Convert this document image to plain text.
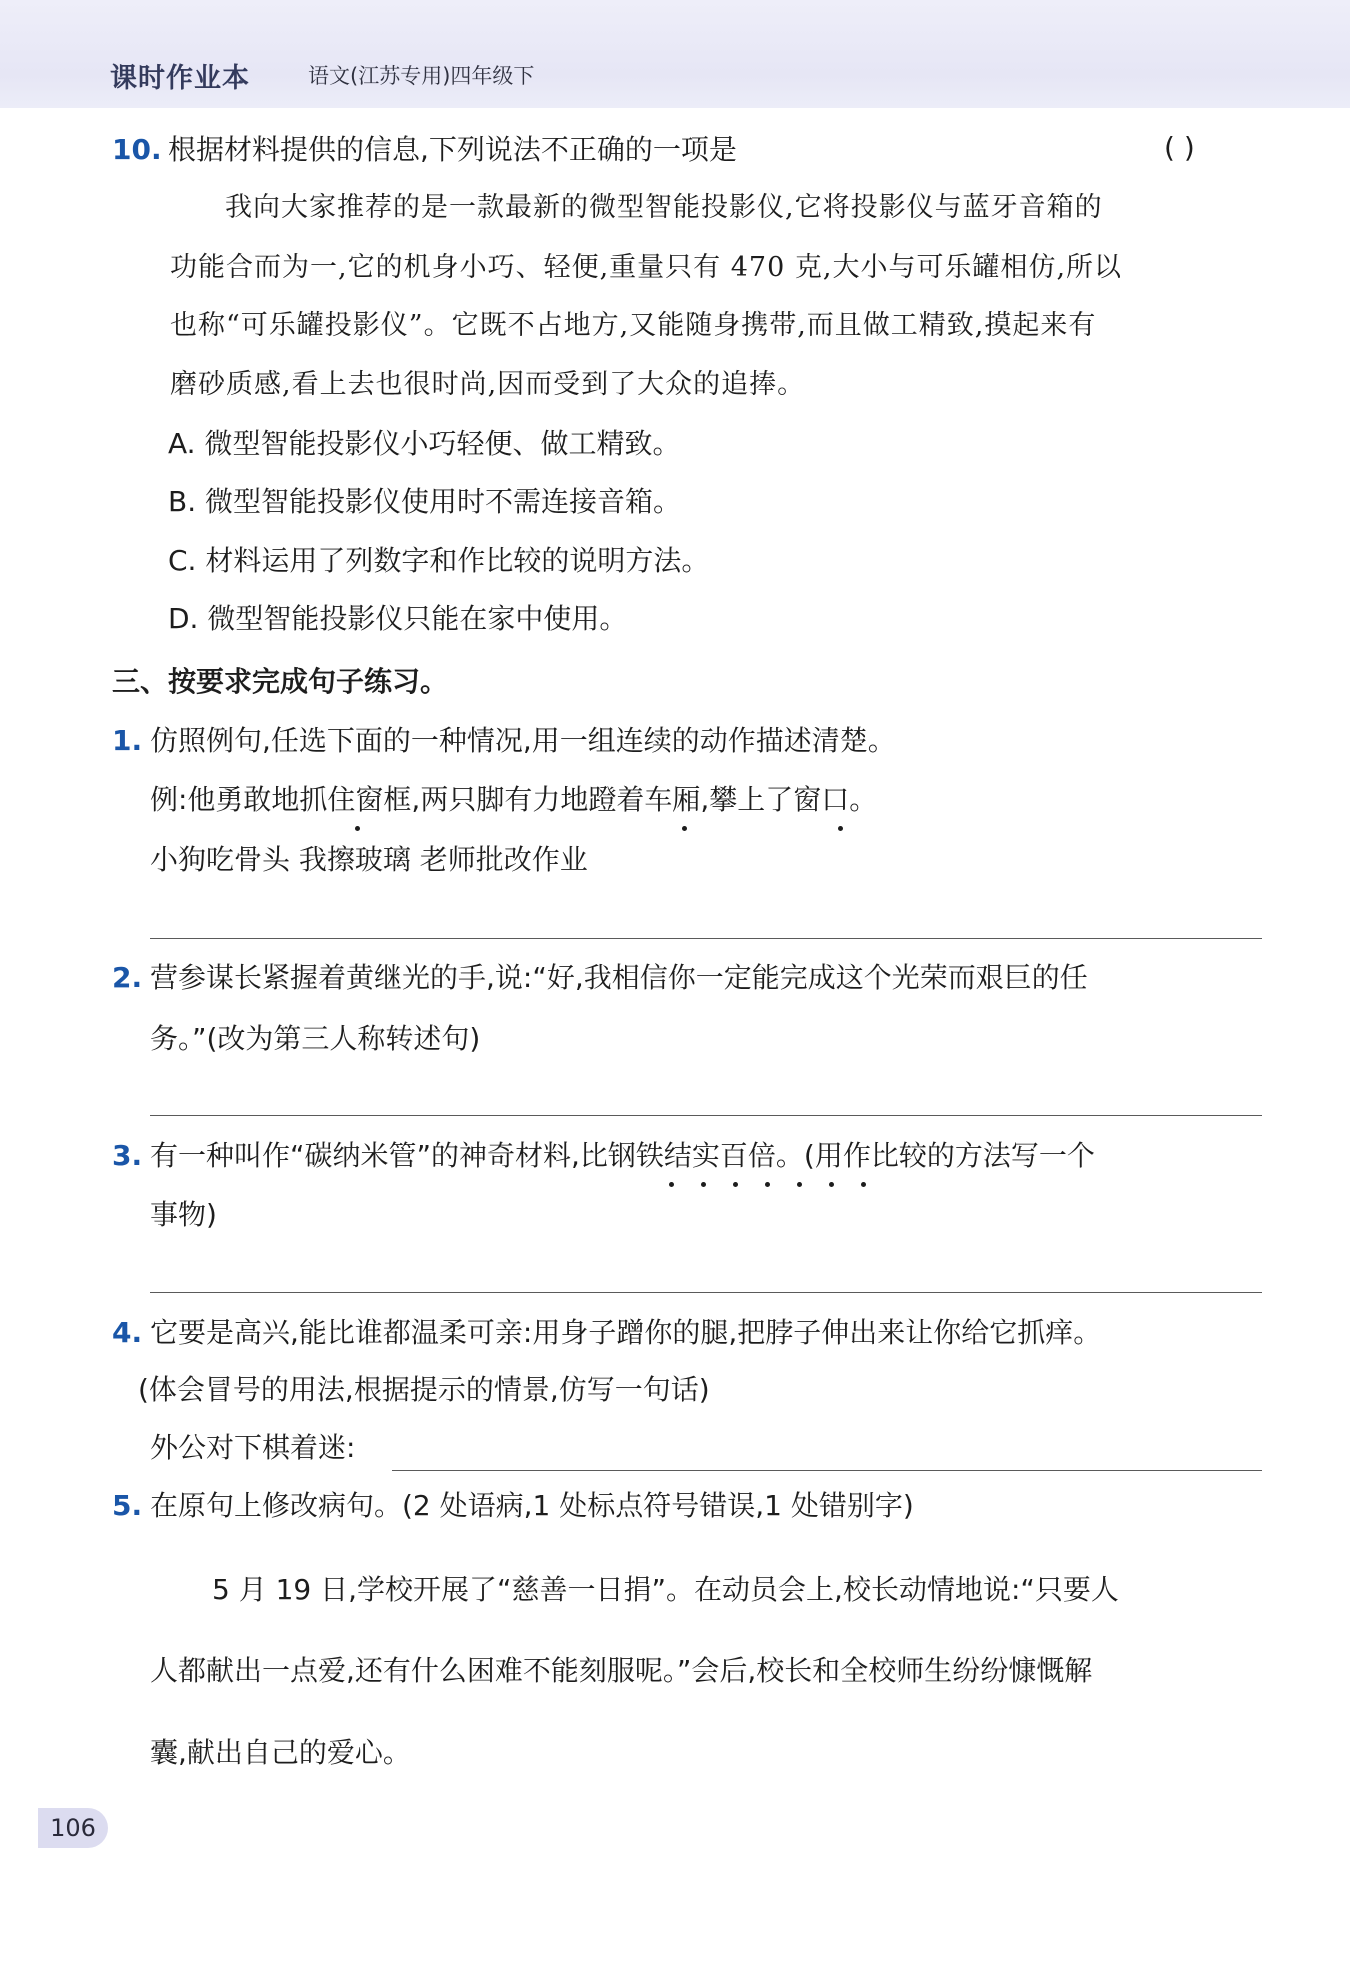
课时作业本	语文(江苏专用)四年级下
10. 根据材料提供的信息,下列说法不正确的一项是	( )
我向大家推荐的是一款最新的微型智能投影仪,它将投影仪与蓝牙音箱的
功能合而为一,它的机身小巧、轻便,重量只有 470 克,大小与可乐罐相仿,所以
也称“可乐罐投影仪”。它既不占地方,又能随身携带,而且做工精致,摸起来有
磨砂质感,看上去也很时尚,因而受到了大众的追捧。
A. 微型智能投影仪小巧轻便、做工精致。
B. 微型智能投影仪使用时不需连接音箱。
C. 材料运用了列数字和作比较的说明方法。
D. 微型智能投影仪只能在家中使用。
三、按要求完成句子练习。
1. 仿照例句,任选下面的一种情况,用一组连续的动作描述清楚。
例:他勇敢地抓住窗框,两只脚有力地蹬着车厢,攀上了窗口。
小狗吃骨头 我擦玻璃 老师批改作业
2. 营参谋长紧握着黄继光的手,说:“好,我相信你一定能完成这个光荣而艰巨的任
务。”(改为第三人称转述句)
3. 有一种叫作“碳纳米管”的神奇材料,比钢铁结实百倍。(用作比较的方法写一个
事物)
4. 它要是高兴,能比谁都温柔可亲:用身子蹭你的腿,把脖子伸出来让你给它抓痒。
(体会冒号的用法,根据提示的情景,仿写一句话)
外公对下棋着迷:
5. 在原句上修改病句。(2 处语病,1 处标点符号错误,1 处错别字)
5 月 19 日,学校开展了“慈善一日捐”。在动员会上,校长动情地说:“只要人
人都献出一点爱,还有什么困难不能刻服呢。”会后,校长和全校师生纷纷慷慨解
囊,献出自己的爱心。
106
